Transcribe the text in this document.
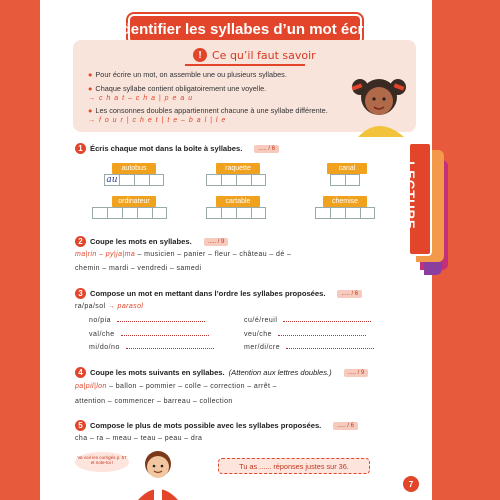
LECTURE
Identifier les syllabes d’un mot écrit
! Ce qu’il faut savoir
● Pour écrire un mot, on assemble une ou plusieurs syllabes.
● Chaque syllabe contient obligatoirement une voyelle.
→ c h a t – c h a | p e a u
● Les consonnes doubles appartiennent chacune à une syllabe différente.
→ f o u r | c h e t | t e – b a l | l e
1 Écris chaque mot dans la boîte à syllabes.	..... / 6
autobus
au
raquette	canal
ordinateur	cartable	chemise
2 Coupe les mots en syllabes.	..... / 9
ma|rin – py|ja|ma – musicien – panier – fleur – château – dé –
chemin – mardi – vendredi – samedi
3 Compose un mot en mettant dans l’ordre les syllabes proposées.	..... / 6
ra/pa/sol → parasol
no/pia	cu/é/reuil
val/che	veu/che
mi/do/no	mer/di/cre
4 Coupe les mots suivants en syllabes. (Attention aux lettres doubles.)	..... / 9
pa|pil|lon – ballon – pommier – colle – correction – arrêt –
attention – commencer – barreau – collection
5 Compose le plus de mots possible avec les syllabes proposées.	..... / 6
cha – ra – meau – teau – peau – dra
Va voir les corrigés p. 57 et note-toi !	Tu as ...... réponses justes sur 36.
7
